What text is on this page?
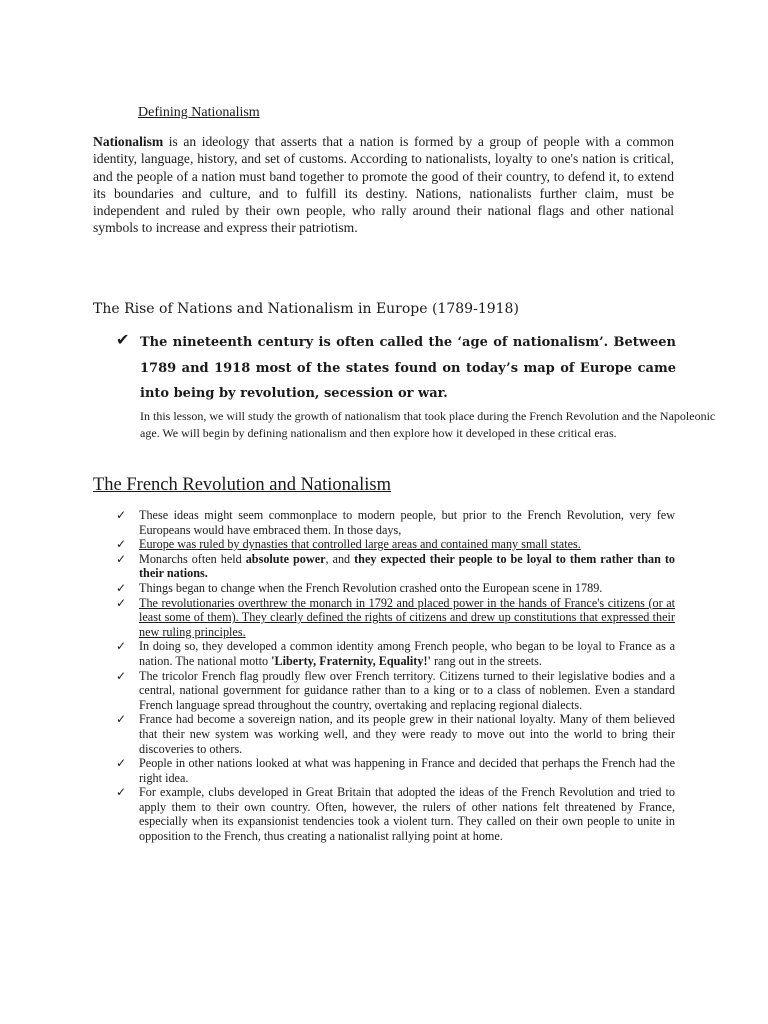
Defining Nationalism

Nationalism is an ideology that asserts that a nation is formed by a group of people with a common identity, language, history, and set of customs. According to nationalists, loyalty to one's nation is critical, and the people of a nation must band together to promote the good of their country, to defend it, to extend its boundaries and culture, and to fulfill its destiny. Nations, nationalists further claim, must be independent and ruled by their own people, who rally around their national flags and other national symbols to increase and express their patriotism.

The Rise of Nations and Nationalism in Europe (1789-1918)
✔ The nineteenth century is often called the ‘age of nationalism’. Between 1789 and 1918 most of the states found on today’s map of Europe came into being by revolution, secession or war.

In this lesson, we will study the growth of nationalism that took place during the French Revolution and the Napoleonic age. We will begin by defining nationalism and then explore how it developed in these critical eras.

The French Revolution and Nationalism
✓ These ideas might seem commonplace to modern people, but prior to the French Revolution, very few Europeans would have embraced them. In those days,
✓ Europe was ruled by dynasties that controlled large areas and contained many small states.
✓ Monarchs often held absolute power, and they expected their people to be loyal to them rather than to their nations.
✓ Things began to change when the French Revolution crashed onto the European scene in 1789.
✓ The revolutionaries overthrew the monarch in 1792 and placed power in the hands of France's citizens (or at least some of them). They clearly defined the rights of citizens and drew up constitutions that expressed their new ruling principles.
✓ In doing so, they developed a common identity among French people, who began to be loyal to France as a nation. The national motto 'Liberty, Fraternity, Equality!' rang out in the streets.
✓ The tricolor French flag proudly flew over French territory. Citizens turned to their legislative bodies and a central, national government for guidance rather than to a king or to a class of noblemen. Even a standard French language spread throughout the country, overtaking and replacing regional dialects.
✓ France had become a sovereign nation, and its people grew in their national loyalty. Many of them believed that their new system was working well, and they were ready to move out into the world to bring their discoveries to others.
✓ People in other nations looked at what was happening in France and decided that perhaps the French had the right idea.
✓ For example, clubs developed in Great Britain that adopted the ideas of the French Revolution and tried to apply them to their own country. Often, however, the rulers of other nations felt threatened by France, especially when its expansionist tendencies took a violent turn. They called on their own people to unite in opposition to the French, thus creating a nationalist rallying point at home.
